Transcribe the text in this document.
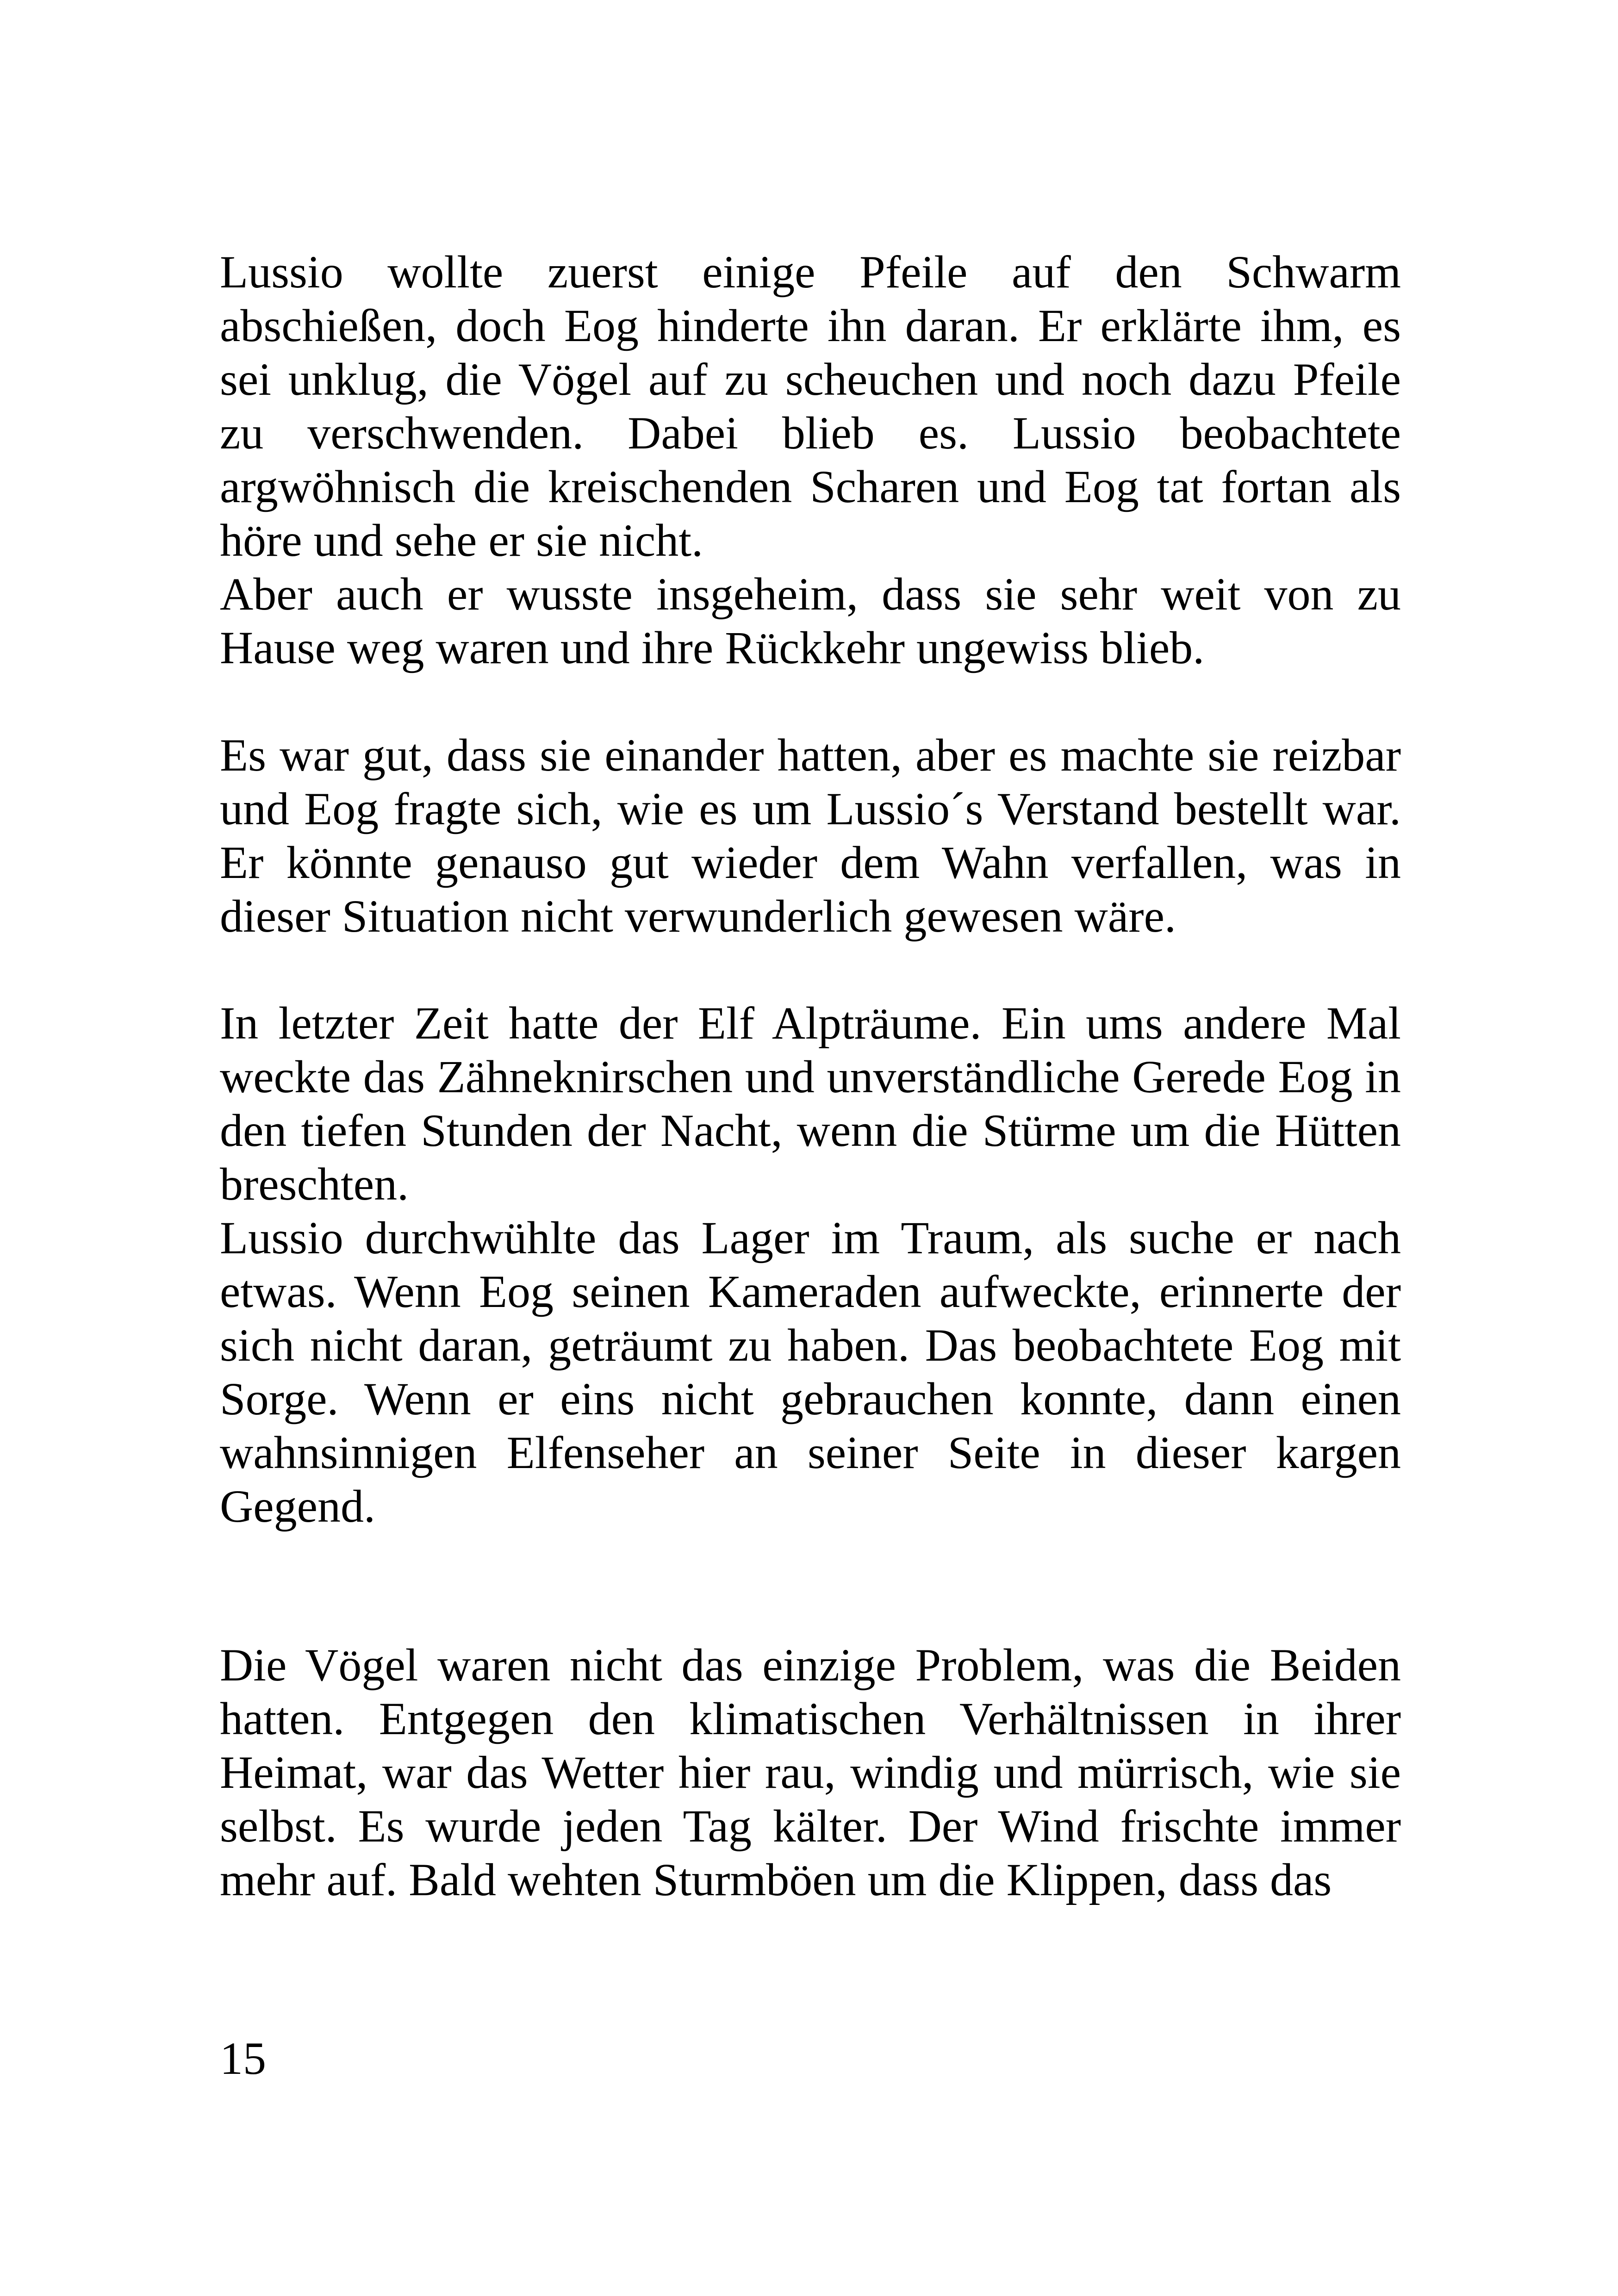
Lussio wollte zuerst einige Pfeile auf den Schwarm
abschießen, doch Eog hinderte ihn daran. Er erklärte ihm, es
sei unklug, die Vögel auf zu scheuchen und noch dazu Pfeile
zu verschwenden. Dabei blieb es. Lussio beobachtete
argwöhnisch die kreischenden Scharen und Eog tat fortan als
höre und sehe er sie nicht.
Aber auch er wusste insgeheim, dass sie sehr weit von zu
Hause weg waren und ihre Rückkehr ungewiss blieb.
Es war gut, dass sie einander hatten, aber es machte sie reizbar
und Eog fragte sich, wie es um Lussio´s Verstand bestellt war.
Er könnte genauso gut wieder dem Wahn verfallen, was in
dieser Situation nicht verwunderlich gewesen wäre.
In letzter Zeit hatte der Elf Alpträume. Ein ums andere Mal
weckte das Zähneknirschen und unverständliche Gerede Eog in
den tiefen Stunden der Nacht, wenn die Stürme um die Hütten
breschten.
Lussio durchwühlte das Lager im Traum, als suche er nach
etwas. Wenn Eog seinen Kameraden aufweckte, erinnerte der
sich nicht daran, geträumt zu haben. Das beobachtete Eog mit
Sorge. Wenn er eins nicht gebrauchen konnte, dann einen
wahnsinnigen Elfenseher an seiner Seite in dieser kargen
Gegend.
Die Vögel waren nicht das einzige Problem, was die Beiden
hatten. Entgegen den klimatischen Verhältnissen in ihrer
Heimat, war das Wetter hier rau, windig und mürrisch, wie sie
selbst. Es wurde jeden Tag kälter. Der Wind frischte immer
mehr auf. Bald wehten Sturmböen um die Klippen, dass das
15
